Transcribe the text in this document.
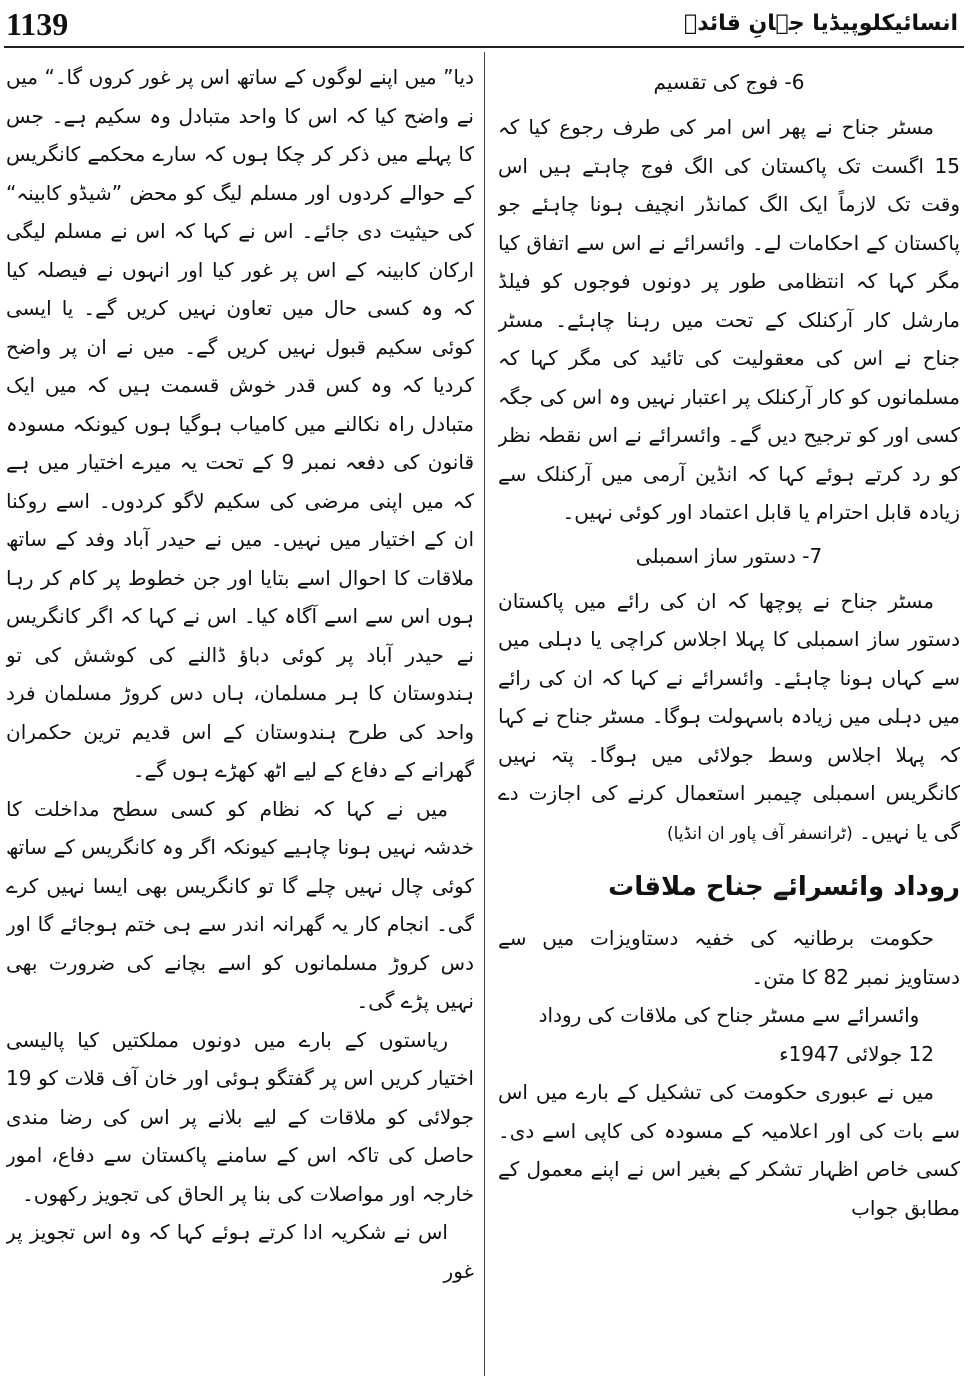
1139	انسائیکلوپیڈیا جہانِ قائدؒ
6- فوج کی تقسیم

مسٹر جناح نے پھر اس امر کی طرف رجوع کیا کہ 15 اگست تک پاکستان کی الگ فوج چاہتے ہیں اس وقت تک لازماً ایک الگ کمانڈر انچیف ہونا چاہئے جو پاکستان کے احکامات لے۔ وائسرائے نے اس سے اتفاق کیا مگر کہا کہ انتظامی طور پر دونوں فوجوں کو فیلڈ مارشل کار آرکنلک کے تحت میں رہنا چاہئے۔ مسٹر جناح نے اس کی معقولیت کی تائید کی مگر کہا کہ مسلمانوں کو کار آرکنلک پر اعتبار نہیں وہ اس کی جگہ کسی اور کو ترجیح دیں گے۔ وائسرائے نے اس نقطہ نظر کو رد کرتے ہوئے کہا کہ انڈین آرمی میں آرکنلک سے زیادہ قابل احترام یا قابل اعتماد اور کوئی نہیں۔

7- دستور ساز اسمبلی

مسٹر جناح نے پوچھا کہ ان کی رائے میں پاکستان دستور ساز اسمبلی کا پہلا اجلاس کراچی یا دہلی میں سے کہاں ہونا چاہئے۔ وائسرائے نے کہا کہ ان کی رائے میں دہلی میں زیادہ باسہولت ہوگا۔ مسٹر جناح نے کہا کہ پہلا اجلاس وسط جولائی میں ہوگا۔ پتہ نہیں کانگریس اسمبلی چیمبر استعمال کرنے کی اجازت دے گی یا نہیں۔ (ٹرانسفر آف پاور ان انڈیا)

روداد وائسرائے جناح ملاقات

حکومت برطانیہ کی خفیہ دستاویزات میں سے دستاویز نمبر 82 کا متن۔

وائسرائے سے مسٹر جناح کی ملاقات کی روداد

12 جولائی 1947ء

میں نے عبوری حکومت کی تشکیل کے بارے میں اس سے بات کی اور اعلامیہ کے مسودہ کی کاپی اسے دی۔ کسی خاص اظہار تشکر کے بغیر اس نے اپنے معمول کے مطابق جواب

دیا” میں اپنے لوگوں کے ساتھ اس پر غور کروں گا۔“ میں نے واضح کیا کہ اس کا واحد متبادل وہ سکیم ہے۔ جس کا پہلے میں ذکر کر چکا ہوں کہ سارے محکمے کانگریس کے حوالے کردوں اور مسلم لیگ کو محض ”شیڈو کابینہ“ کی حیثیت دی جائے۔ اس نے کہا کہ اس نے مسلم لیگی ارکان کابینہ کے اس پر غور کیا اور انہوں نے فیصلہ کیا کہ وہ کسی حال میں تعاون نہیں کریں گے۔ یا ایسی کوئی سکیم قبول نہیں کریں گے۔ میں نے ان پر واضح کردیا کہ وہ کس قدر خوش قسمت ہیں کہ میں ایک متبادل راہ نکالنے میں کامیاب ہوگیا ہوں کیونکہ مسودہ قانون کی دفعہ نمبر 9 کے تحت یہ میرے اختیار میں ہے کہ میں اپنی مرضی کی سکیم لاگو کردوں۔ اسے روکنا ان کے اختیار میں نہیں۔ میں نے حیدر آباد وفد کے ساتھ ملاقات کا احوال اسے بتایا اور جن خطوط پر کام کر رہا ہوں اس سے اسے آگاہ کیا۔ اس نے کہا کہ اگر کانگریس نے حیدر آباد پر کوئی دباؤ ڈالنے کی کوشش کی تو ہندوستان کا ہر مسلمان، ہاں دس کروڑ مسلمان فرد واحد کی طرح ہندوستان کے اس قدیم ترین حکمران گھرانے کے دفاع کے لیے اٹھ کھڑے ہوں گے۔

میں نے کہا کہ نظام کو کسی سطح مداخلت کا خدشہ نہیں ہونا چاہیے کیونکہ اگر وہ کانگریس کے ساتھ کوئی چال نہیں چلے گا تو کانگریس بھی ایسا نہیں کرے گی۔ انجام کار یہ گھرانہ اندر سے ہی ختم ہوجائے گا اور دس کروڑ مسلمانوں کو اسے بچانے کی ضرورت بھی نہیں پڑے گی۔

ریاستوں کے بارے میں دونوں مملکتیں کیا پالیسی اختیار کریں اس پر گفتگو ہوئی اور خان آف قلات کو 19 جولائی کو ملاقات کے لیے بلانے پر اس کی رضا مندی حاصل کی تاکہ اس کے سامنے پاکستان سے دفاع، امور خارجہ اور مواصلات کی بنا پر الحاق کی تجویز رکھوں۔

اس نے شکریہ ادا کرتے ہوئے کہا کہ وہ اس تجویز پر غور
